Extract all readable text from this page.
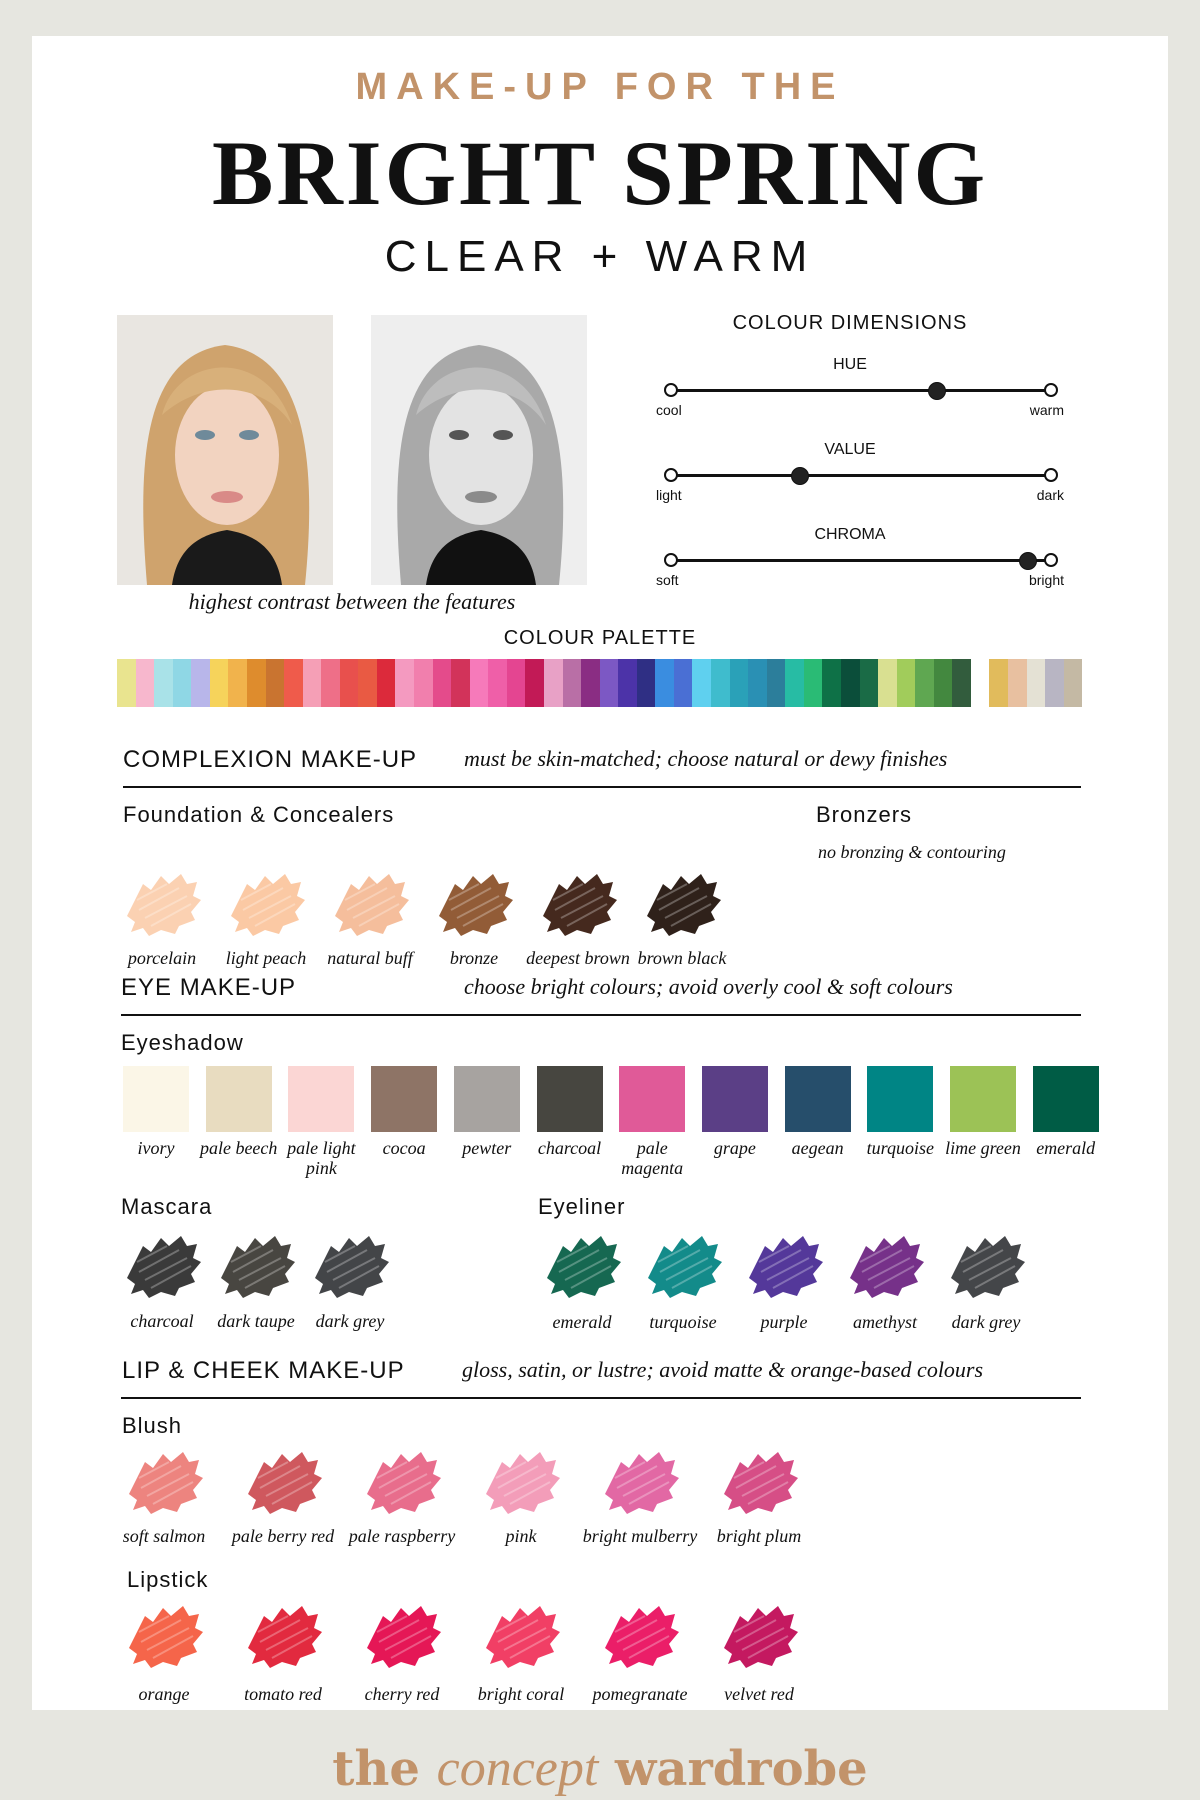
MAKE-UP FOR THE
BRIGHT SPRING
CLEAR + WARM
highest contrast between the features
COLOUR DIMENSIONS
HUE
cool	warm
VALUE
light	dark
CHROMA
soft	bright
COLOUR PALETTE
COMPLEXION MAKE-UP must be skin-matched; choose natural or dewy finishes
Foundation & Concealers	Bronzers
no bronzing & contouring
porcelain	light peach	natural buff	bronze	deepest brown brown black
EYE MAKE-UP	choose bright colours; avoid overly cool & soft colours
Eyeshadow
ivory	pale beech pale light pink
cocoa	pewter	charcoal	pale magenta
grape	aegean	turquoise lime green emerald
Mascara	Eyeliner
charcoal	dark taupe	dark grey	emerald	turquoise	purple	amethyst	dark grey
LIP & CHEEK MAKE-UP	gloss, satin, or lustre; avoid matte & orange-based colours
Blush
soft salmon	pale berry red pale raspberry	pink	bright mulberry	bright plum
Lipstick
orange	tomato red	cherry red	bright coral	pomegranate	velvet red
the concept wardrobe
